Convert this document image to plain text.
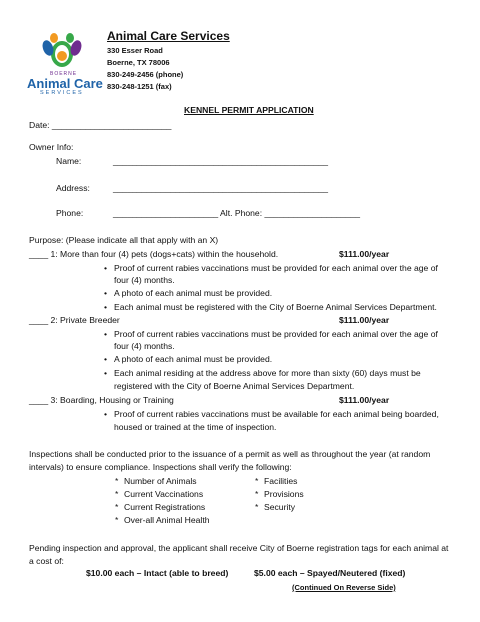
BOERNE
Animal Care
SERVICES
Animal Care Services
330 Esser Road
Boerne, TX 78006
830-249-2456 (phone)
830-248-1251 (fax)
KENNEL PERMIT APPLICATION
Date: _________________________
Owner Info:
Name:	_____________________________________________
Address:	_____________________________________________
Phone:	______________________ Alt. Phone: ____________________
Purpose: (Please indicate all that apply with an X)
____ 1: More than four (4) pets (dogs+cats) within the household.	$111.00/year
• Proof of current rabies vaccinations must be provided for each animal over the age of
four (4) months.
• A photo of each animal must be provided.
• Each animal must be registered with the City of Boerne Animal Services Department.
____ 2: Private Breeder	$111.00/year
• Proof of current rabies vaccinations must be provided for each animal over the age of
four (4) months.
• A photo of each animal must be provided.
• Each animal residing at the address above for more than sixty (60) days must be
registered with the City of Boerne Animal Services Department.
____ 3: Boarding, Housing or Training	$111.00/year
• Proof of current rabies vaccinations must be available for each animal being boarded,
housed or trained at the time of inspection.
Inspections shall be conducted prior to the issuance of a permit as well as throughout the year (at random
intervals) to ensure compliance. Inspections shall verify the following:
* Number of Animals
* Current Vaccinations
* Current Registrations
* Over-all Animal Health
* Facilities
* Provisions
* Security
Pending inspection and approval, the applicant shall receive City of Boerne registration tags for each animal at
a cost of:
$10.00 each – Intact (able to breed)	$5.00 each – Spayed/Neutered (fixed)
(Continued On Reverse Side)
